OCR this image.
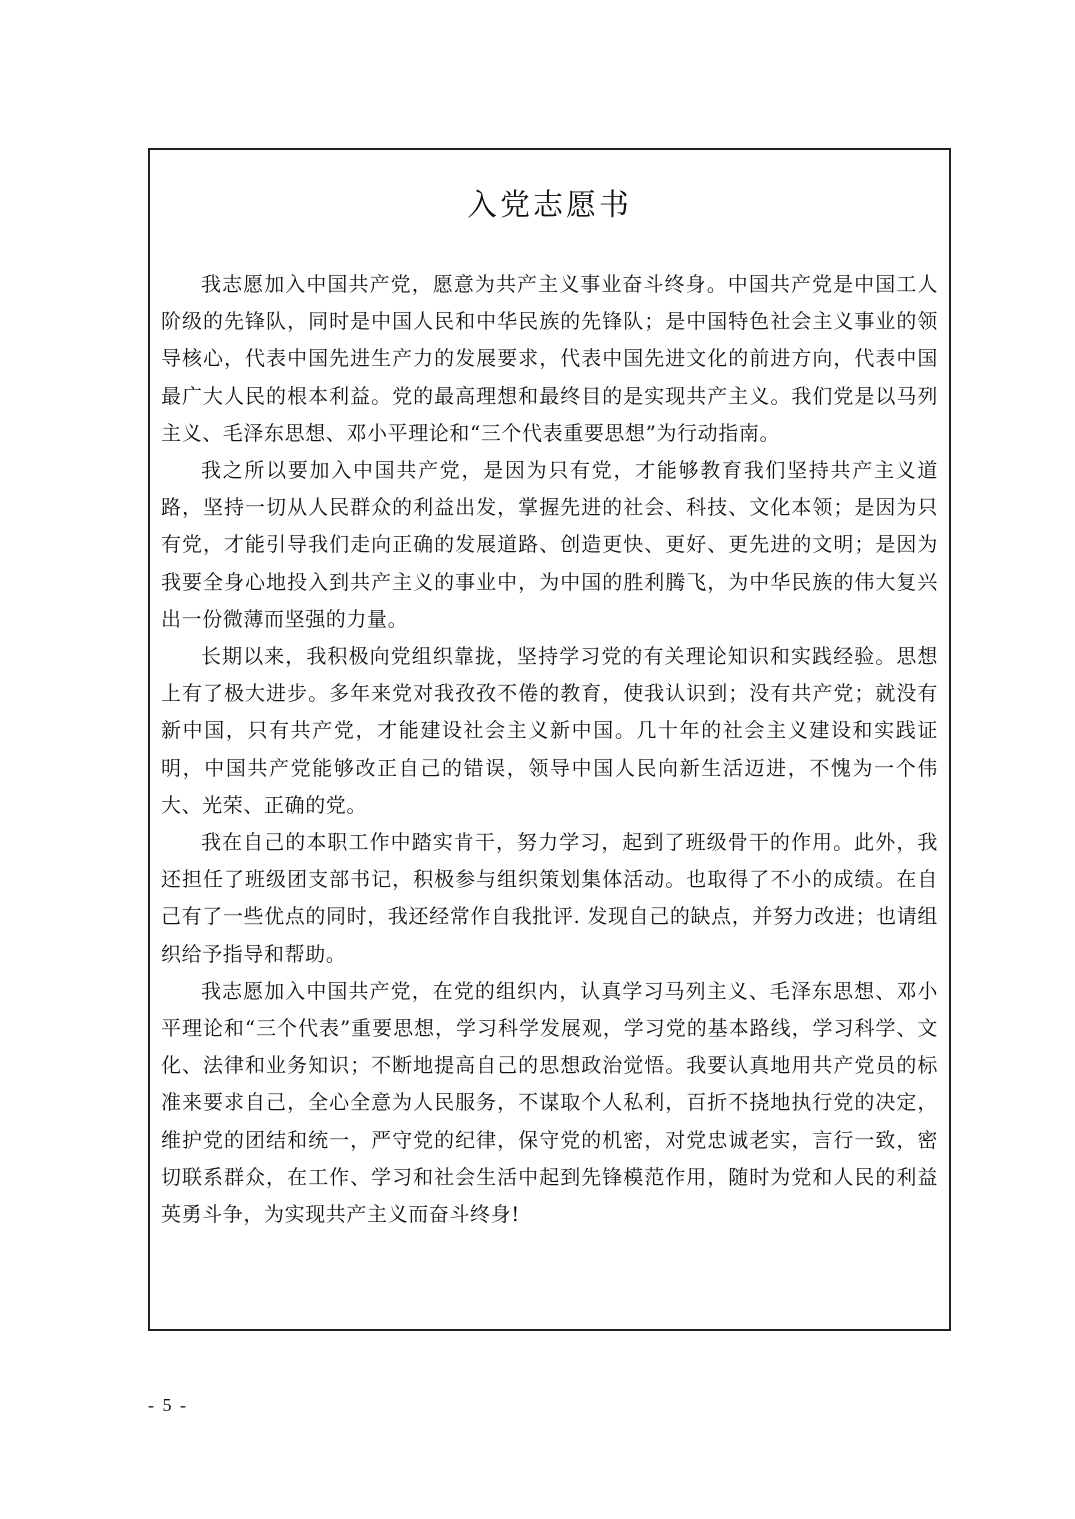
入党志愿书

我志愿加入中国共产党，愿意为共产主义事业奋斗终身。中国共产党是中国工人阶级的先锋队，同时是中国人民和中华民族的先锋队；是中国特色社会主义事业的领导核心，代表中国先进生产力的发展要求，代表中国先进文化的前进方向，代表中国最广大人民的根本利益。党的最高理想和最终目的是实现共产主义。我们党是以马列主义、毛泽东思想、邓小平理论和“三个代表重要思想”为行动指南。

我之所以要加入中国共产党，是因为只有党，才能够教育我们坚持共产主义道路，坚持一切从人民群众的利益出发，掌握先进的社会、科技、文化本领；是因为只有党，才能引导我们走向正确的发展道路、创造更快、更好、更先进的文明；是因为我要全身心地投入到共产主义的事业中，为中国的胜利腾飞，为中华民族的伟大复兴出一份微薄而坚强的力量。

长期以来，我积极向党组织靠拢，坚持学习党的有关理论知识和实践经验。思想上有了极大进步。多年来党对我孜孜不倦的教育，使我认识到；没有共产党；就没有新中国，只有共产党，才能建设社会主义新中国。几十年的社会主义建设和实践证明，中国共产党能够改正自己的错误，领导中国人民向新生活迈进，不愧为一个伟大、光荣、正确的党。

我在自己的本职工作中踏实肯干，努力学习，起到了班级骨干的作用。此外，我还担任了班级团支部书记，积极参与组织策划集体活动。也取得了不小的成绩。在自己有了一些优点的同时，我还经常作自我批评. 发现自己的缺点，并努力改进；也请组织给予指导和帮助。

我志愿加入中国共产党，在党的组织内，认真学习马列主义、毛泽东思想、邓小平理论和“三个代表”重要思想，学习科学发展观，学习党的基本路线，学习科学、文化、法律和业务知识；不断地提高自己的思想政治觉悟。我要认真地用共产党员的标准来要求自己，全心全意为人民服务，不谋取个人私利，百折不挠地执行党的决定，维护党的团结和统一，严守党的纪律，保守党的机密，对党忠诚老实，言行一致，密切联系群众，在工作、学习和社会生活中起到先锋模范作用，随时为党和人民的利益英勇斗争，为实现共产主义而奋斗终身!

- 5 -
